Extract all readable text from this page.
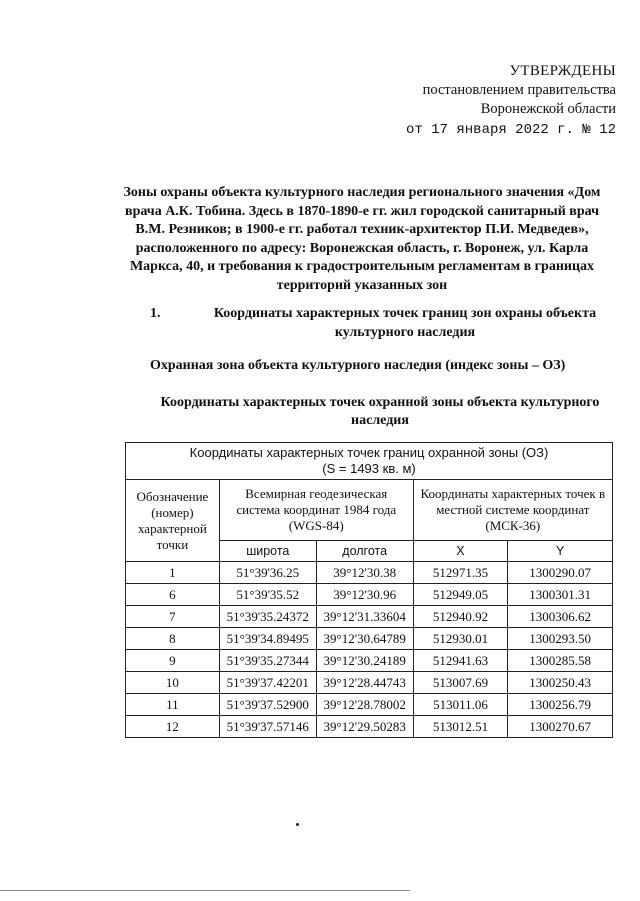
УТВЕРЖДЕНЫ
постановлением правительства
Воронежской области
от 17 января 2022 г. № 12
Зоны охраны объекта культурного наследия регионального значения «Дом врача А.К. Тобина. Здесь в 1870-1890-е гг. жил городской санитарный врач В.М. Резников; в 1900-е гг. работал техник-архитектор П.И. Медведев», расположенного по адресу: Воронежская область, г. Воронеж, ул. Карла Маркса, 40, и требования к градостроительным регламентам в границах территорий указанных зон
1.	Координаты характерных точек границ зон охраны объекта культурного наследия
Охранная зона объекта культурного наследия (индекс зоны – ОЗ)
Координаты характерных точек охранной зоны объекта культурного наследия
Координаты характерных точек границ охранной зоны (ОЗ)
(S = 1493 кв. м)				

Обозначение (номер) характерной точки	Всемирная геодезическая система координат 1984 года (WGS-84)		Координаты характерных точек в местной системе координат (МСК-36)	
	широта	долгота	X	Y
1	51°39'36.25	39°12'30.38	512971.35	1300290.07
6	51°39'35.52	39°12'30.96	512949.05	1300301.31
7	51°39'35.24372	39°12'31.33604	512940.92	1300306.62
8	51°39'34.89495	39°12'30.64789	512930.01	1300293.50
9	51°39'35.27344	39°12'30.24189	512941.63	1300285.58
10	51°39'37.42201	39°12'28.44743	513007.69	1300250.43
11	51°39'37.52900	39°12'28.78002	513011.06	1300256.79
12	51°39'37.57146	39°12'29.50283	513012.51	1300270.67
